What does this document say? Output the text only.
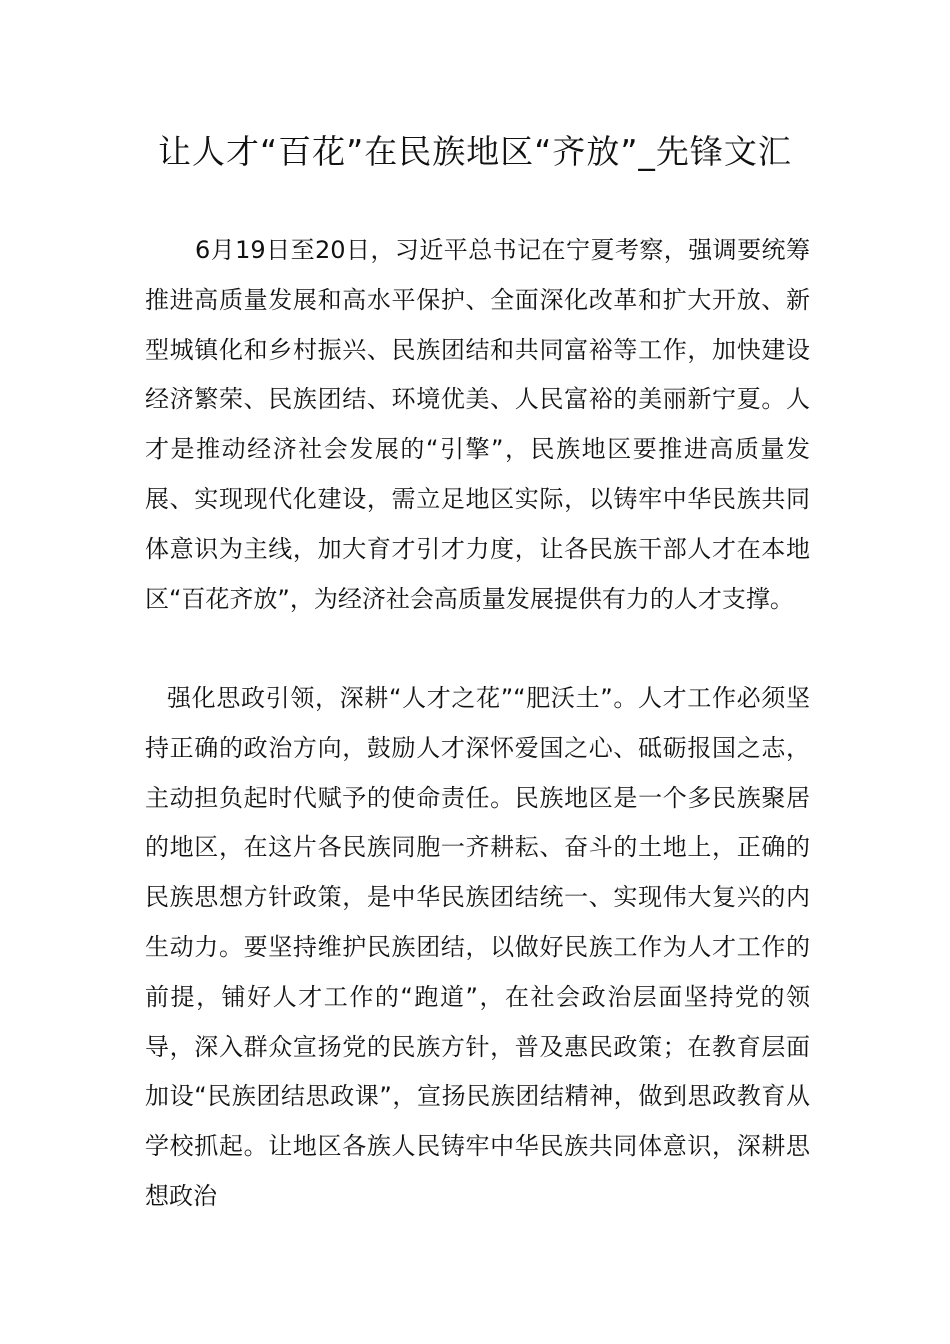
让人才“百花”在民族地区“齐放”_先锋文汇

6月19日至20日，习近平总书记在宁夏考察，强调要统筹推进高质量发展和高水平保护、全面深化改革和扩大开放、新型城镇化和乡村振兴、民族团结和共同富裕等工作，加快建设经济繁荣、民族团结、环境优美、人民富裕的美丽新宁夏。人才是推动经济社会发展的“引擎”，民族地区要推进高质量发展、实现现代化建设，需立足地区实际，以铸牢中华民族共同体意识为主线，加大育才引才力度，让各民族干部人才在本地区“百花齐放”，为经济社会高质量发展提供有力的人才支撑。

强化思政引领，深耕“人才之花”“肥沃土”。人才工作必须坚持正确的政治方向，鼓励人才深怀爱国之心、砥砺报国之志，主动担负起时代赋予的使命责任。民族地区是一个多民族聚居的地区，在这片各民族同胞一齐耕耘、奋斗的土地上，正确的民族思想方针政策，是中华民族团结统一、实现伟大复兴的内生动力。要坚持维护民族团结，以做好民族工作为人才工作的前提，铺好人才工作的“跑道”，在社会政治层面坚持党的领导，深入群众宣扬党的民族方针，普及惠民政策；在教育层面加设“民族团结思政课”，宣扬民族团结精神，做到思政教育从学校抓起。让地区各族人民铸牢中华民族共同体意识，深耕思想政治
